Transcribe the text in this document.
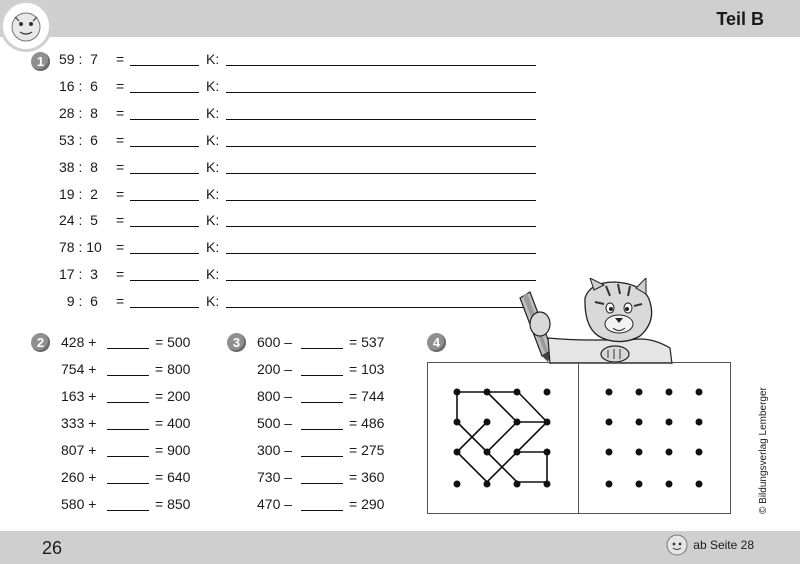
Teil B
1	59 :  7 =	K:
16 :  6 =	K:
28 :  8 =	K:
53 :  6 =	K:
38 :  8 =	K:
19 :  2 =	K:
24 :  5 =	K:
78 : 10 =	K:
17 :  3 =	K:
9 :  6 =	K:
2	428 +	= 500
754 +	= 800
163 +	= 200
333 +	= 400
807 +	= 900
260 +	= 640
580 +	= 850
3	600 –	= 537
200 –	= 103
800 –	= 744
500 –	= 486
300 –	= 275
730 –	= 360
470 –	= 290
4
© Bildungsverlag Lemberger
26	ab Seite 28
